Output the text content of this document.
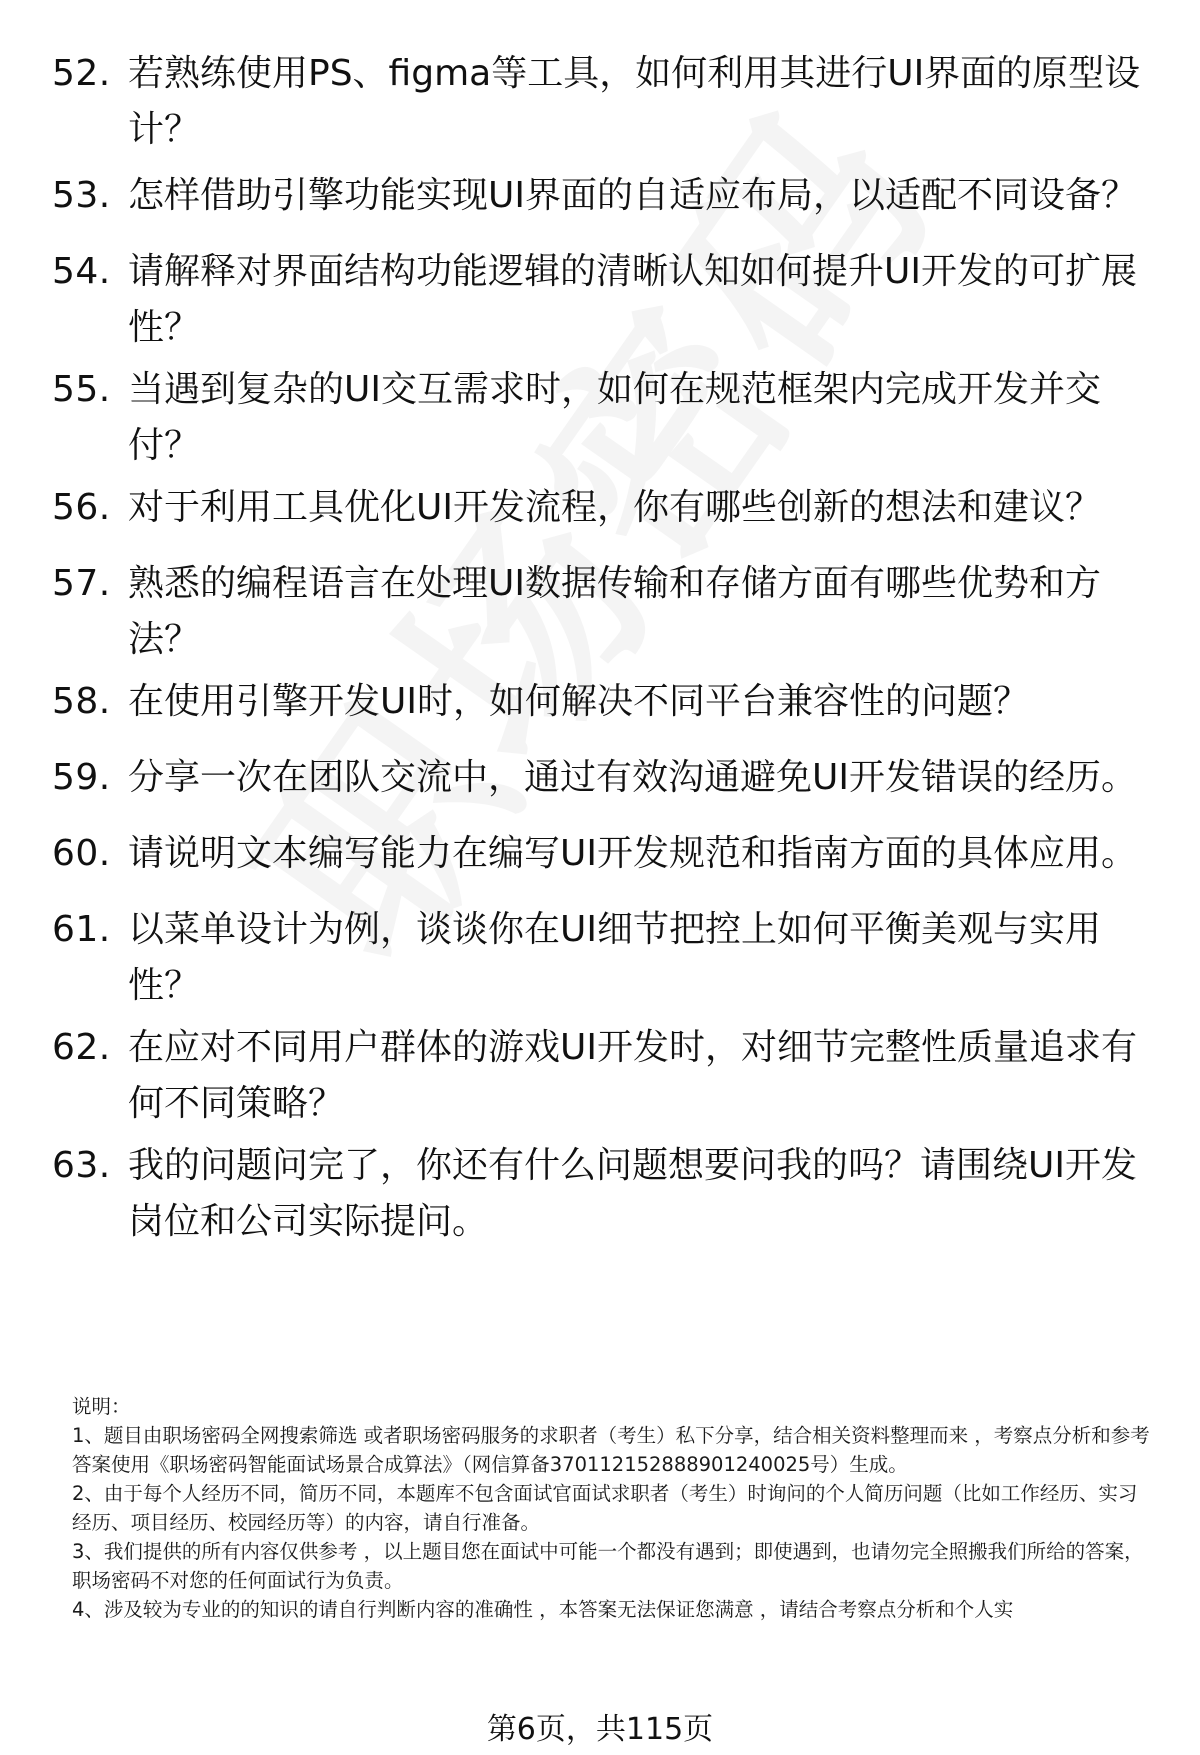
52. 若熟练使用PS、figma等工具，如何利用其进行UI界面的原型设计？
53. 怎样借助引擎功能实现UI界面的自适应布局，以适配不同设备？
54. 请解释对界面结构功能逻辑的清晰认知如何提升UI开发的可扩展性？
55. 当遇到复杂的UI交互需求时，如何在规范框架内完成开发并交付？
56. 对于利用工具优化UI开发流程，你有哪些创新的想法和建议？
57. 熟悉的编程语言在处理UI数据传输和存储方面有哪些优势和方法？
58. 在使用引擎开发UI时，如何解决不同平台兼容性的问题？
59. 分享一次在团队交流中，通过有效沟通避免UI开发错误的经历。
60. 请说明文本编写能力在编写UI开发规范和指南方面的具体应用。
61. 以菜单设计为例，谈谈你在UI细节把控上如何平衡美观与实用性？
62. 在应对不同用户群体的游戏UI开发时，对细节完整性质量追求有何不同策略？
63. 我的问题问完了，你还有什么问题想要问我的吗？请围绕UI开发岗位和公司实际提问。

说明：

1、题目由职场密码全网搜索筛选 或者职场密码服务的求职者（考生）私下分享，结合相关资料整理而来 ，考察点分析和参考答案使用《职场密码智能面试场景合成算法》（网信算备370112152888901240025号）生成。

2、由于每个人经历不同，简历不同，本题库不包含面试官面试求职者（考生）时询问的个人简历问题（比如工作经历、实习经历、项目经历、校园经历等）的内容，请自行准备。

3、我们提供的所有内容仅供参考 ，以上题目您在面试中可能一个都没有遇到；即使遇到，也请勿完全照搬我们所给的答案，职场密码不对您的任何面试行为负责。

4、涉及较为专业的的知识的请自行判断内容的准确性 ，本答案无法保证您满意 ，请结合考察点分析和个人实

第6页，共115页
